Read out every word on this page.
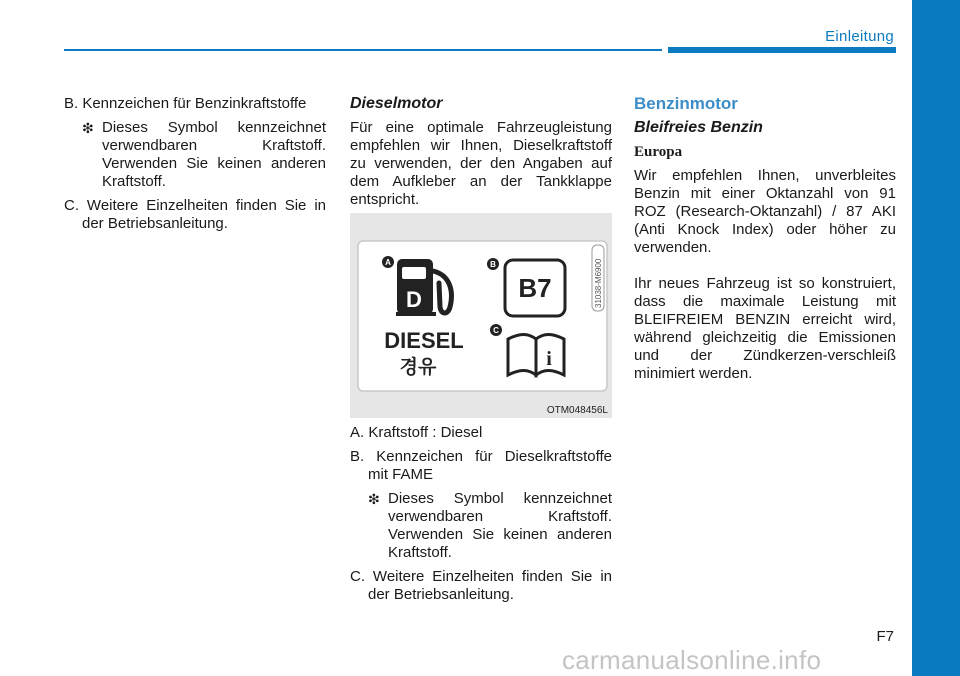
Einleitung

B. Kennzeichen für Benzinkraftstoffe

❇ Dieses Symbol kennzeichnet verwendbaren Kraftstoff. Verwenden Sie keinen anderen Kraftstoff.

C. Weitere Einzelheiten finden Sie in der Betriebsanleitung.

Dieselmotor

Für eine optimale Fahrzeugleistung empfehlen wir Ihnen, Dieselkraftstoff zu verwenden, der den Angaben auf dem Aufkleber an der Tankklappe entspricht.

A
D
DIESEL
경유
B
B7
C
i
31038-M6900
OTM048456L

A. Kraftstoff : Diesel

B. Kennzeichen für Dieselkraftstoffe mit FAME

❇ Dieses Symbol kennzeichnet verwendbaren Kraftstoff. Verwenden Sie keinen anderen Kraftstoff.

C. Weitere Einzelheiten finden Sie in der Betriebsanleitung.

Benzinmotor

Bleifreies Benzin

Europa

Wir empfehlen Ihnen, unverbleites Benzin mit einer Oktanzahl von 91 ROZ (Research-Oktanzahl) / 87 AKI (Anti Knock Index) oder höher zu verwenden.

Ihr neues Fahrzeug ist so konstruiert, dass die maximale Leistung mit BLEIFREIEM BENZIN erreicht wird, während gleichzeitig die Emissionen und der Zündkerzen-verschleiß minimiert werden.

F7
carmanualsonline.info
